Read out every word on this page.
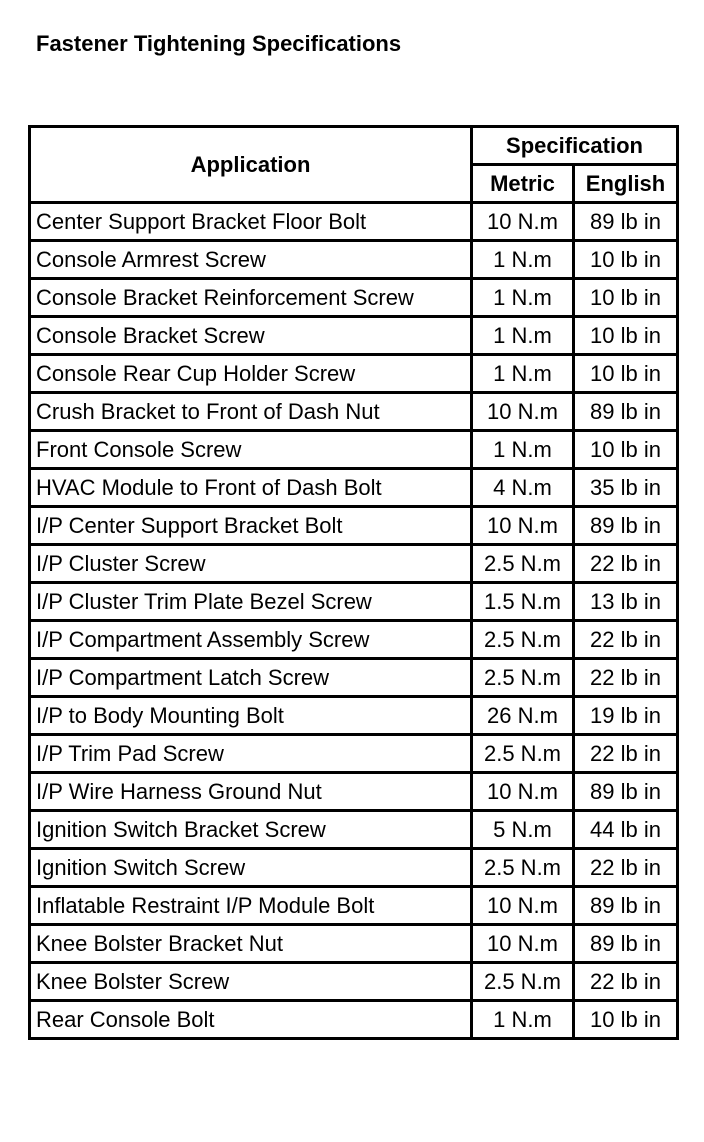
Fastener Tightening Specifications
Application	Specification	
	Metric	English
Center Support Bracket Floor Bolt	10 N.m	89 lb in
Console Armrest Screw	1 N.m	10 lb in
Console Bracket Reinforcement Screw	1 N.m	10 lb in
Console Bracket Screw	1 N.m	10 lb in
Console Rear Cup Holder Screw	1 N.m	10 lb in
Crush Bracket to Front of Dash Nut	10 N.m	89 lb in
Front Console Screw	1 N.m	10 lb in
HVAC Module to Front of Dash Bolt	4 N.m	35 lb in
I/P Center Support Bracket Bolt	10 N.m	89 lb in
I/P Cluster Screw	2.5 N.m	22 lb in
I/P Cluster Trim Plate Bezel Screw	1.5 N.m	13 lb in
I/P Compartment Assembly Screw	2.5 N.m	22 lb in
I/P Compartment Latch Screw	2.5 N.m	22 lb in
I/P to Body Mounting Bolt	26 N.m	19 lb in
I/P Trim Pad Screw	2.5 N.m	22 lb in
I/P Wire Harness Ground Nut	10 N.m	89 lb in
Ignition Switch Bracket Screw	5 N.m	44 lb in
Ignition Switch Screw	2.5 N.m	22 lb in
Inflatable Restraint I/P Module Bolt	10 N.m	89 lb in
Knee Bolster Bracket Nut	10 N.m	89 lb in
Knee Bolster Screw	2.5 N.m	22 lb in
Rear Console Bolt	1 N.m	10 lb in
